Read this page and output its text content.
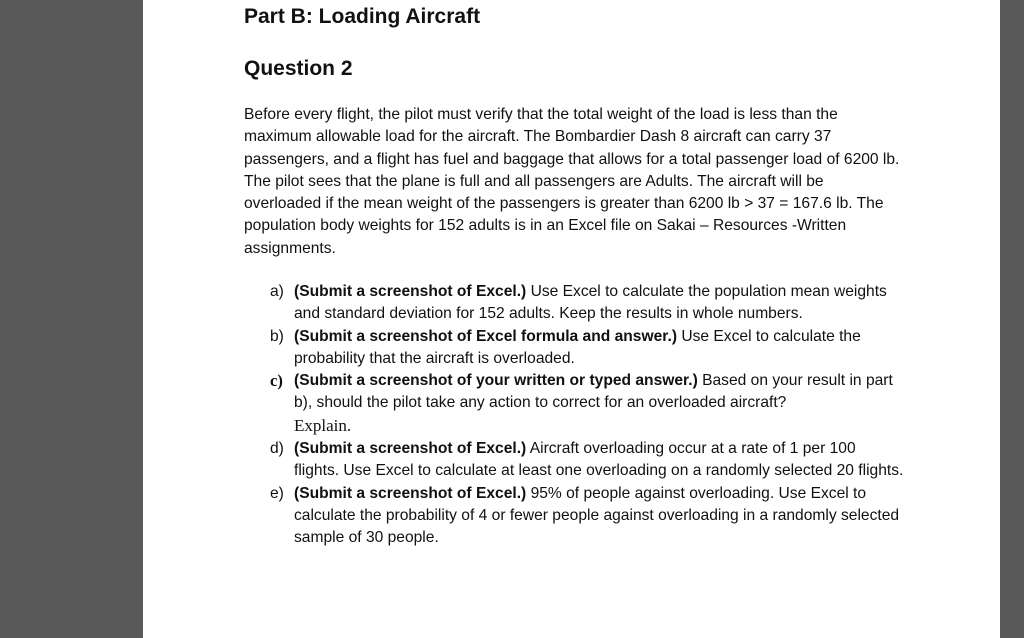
Part B: Loading Aircraft
Question 2

Before every flight, the pilot must verify that the total weight of the load is less than the maximum allowable load for the aircraft. The Bombardier Dash 8 aircraft can carry 37 passengers, and a flight has fuel and baggage that allows for a total passenger load of 6200 lb. The pilot sees that the plane is full and all passengers are Adults. The aircraft will be overloaded if the mean weight of the passengers is greater than 6200 lb > 37 = 167.6 lb. The population body weights for 152 adults is in an Excel file on Sakai – Resources -Written assignments.

a) (Submit a screenshot of Excel.) Use Excel to calculate the population mean weights and standard deviation for 152 adults. Keep the results in whole numbers.
b) (Submit a screenshot of Excel formula and answer.) Use Excel to calculate the probability that the aircraft is overloaded.
c) (Submit a screenshot of your written or typed answer.) Based on your result in part b), should the pilot take any action to correct for an overloaded aircraft?
Explain.
d) (Submit a screenshot of Excel.) Aircraft overloading occur at a rate of 1 per 100 flights. Use Excel to calculate at least one overloading on a randomly selected 20 flights.
e) (Submit a screenshot of Excel.) 95% of people against overloading. Use Excel to calculate the probability of 4 or fewer people against overloading in a randomly selected sample of 30 people.
